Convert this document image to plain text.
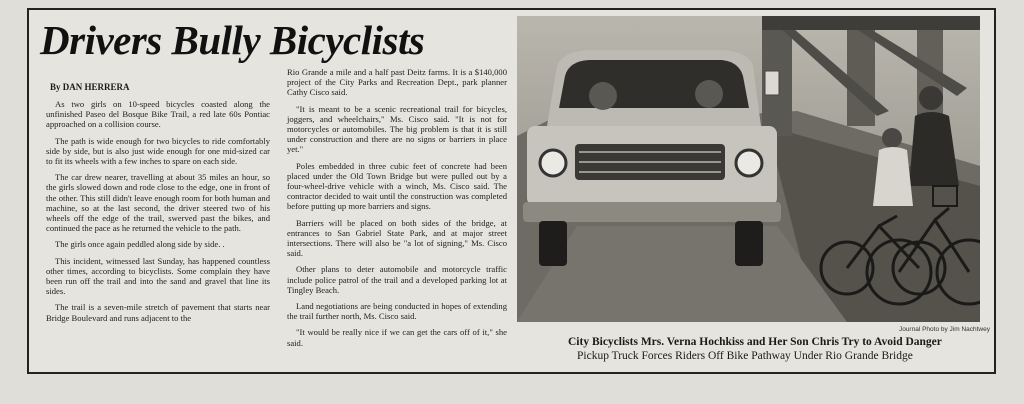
Drivers Bully Bicyclists
By DAN HERRERA

As two girls on 10-speed bicycles coasted along the unfinished Paseo del Bosque Bike Trail, a red late 60s Pontiac approached on a collision course.

The path is wide enough for two bicycles to ride comfortably side by side, but is also just wide enough for one mid-sized car to fit its wheels with a few inches to spare on each side.

The car drew nearer, travelling at about 35 miles an hour, so the girls slowed down and rode close to the edge, one in front of the other. This still didn't leave enough room for both human and machine, so at the last second, the driver steered two of his wheels off the edge of the trail, swerved past the bikes, and continued the pace as he returned the vehicle to the path.

The girls once again peddled along side by side. .

This incident, witnessed last Sunday, has happened countless other times, according to bicyclists. Some complain they have been run off the trail and into the sand and gravel that line its sides.

The trail is a seven-mile stretch of pavement that starts near Bridge Boulevard and runs adjacent to the

Rio Grande a mile and a half past Deitz farms. It is a $140,000 project of the City Parks and Recreation Dept., park planner Cathy Cisco said.

"It is meant to be a scenic recreational trail for bicycles, joggers, and wheelchairs," Ms. Cisco said. "It is not for motorcycles or automobiles. The big problem is that it is still under construction and there are no signs or barriers in place yet."

Poles embedded in three cubic feet of concrete had been placed under the Old Town Bridge but were pulled out by a four-wheel-drive vehicle with a winch, Ms. Cisco said. The contractor decided to wait until the construction was completed before putting up more barriers and signs.

Barriers will be placed on both sides of the bridge, at entrances to San Gabriel State Park, and at major street intersections. There will also be "a lot of signing," Ms. Cisco said.

Other plans to deter automobile and motorcycle traffic include police patrol of the trail and a developed parking lot at Tingley Beach.

Land negotiations are being conducted in hopes of extending the trail further north, Ms. Cisco said.

"It would be really nice if we can get the cars off of it," she said.

Journal Photo by Jim Nachtwey
City Bicyclists Mrs. Verna Hochkiss and Her Son Chris Try to Avoid Danger
Pickup Truck Forces Riders Off Bike Pathway Under Rio Grande Bridge
